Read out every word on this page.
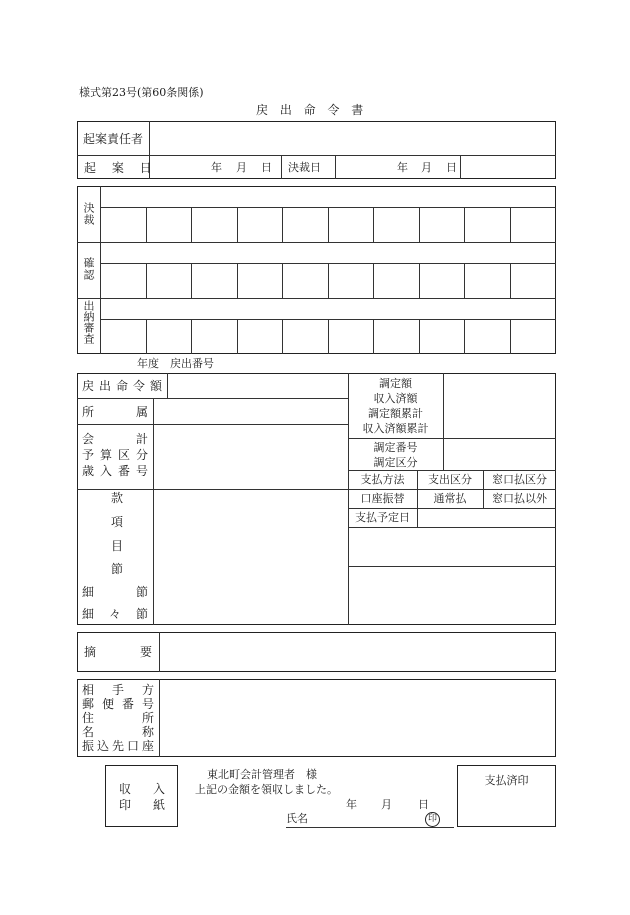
様式第23号(第60条関係)
戻 出 命 令 書
起案責任者
起 案 日	年 月 日 決裁日	年 月 日
決裁
確認
出納審査
年度　戻出番号
戻 出 命 令 額
所	属
会	計
予 算 区 分
歳 入 番 号
款
項
目
節
細	節
細 々 節
調定額
収入済額
調定額累計
収入済額累計
調定番号
調定区分
支払方法	支出区分	窓口払区分
口座振替	通常払	窓口払以外
支払予定日
摘	要
相 手 方
郵 便 番 号
住	所
名	称
振 込 先 口 座
収 入
印 紙
東北町会計管理者　様
上記の金額を領収しました。
年 月 日
氏名	印
支払済印
